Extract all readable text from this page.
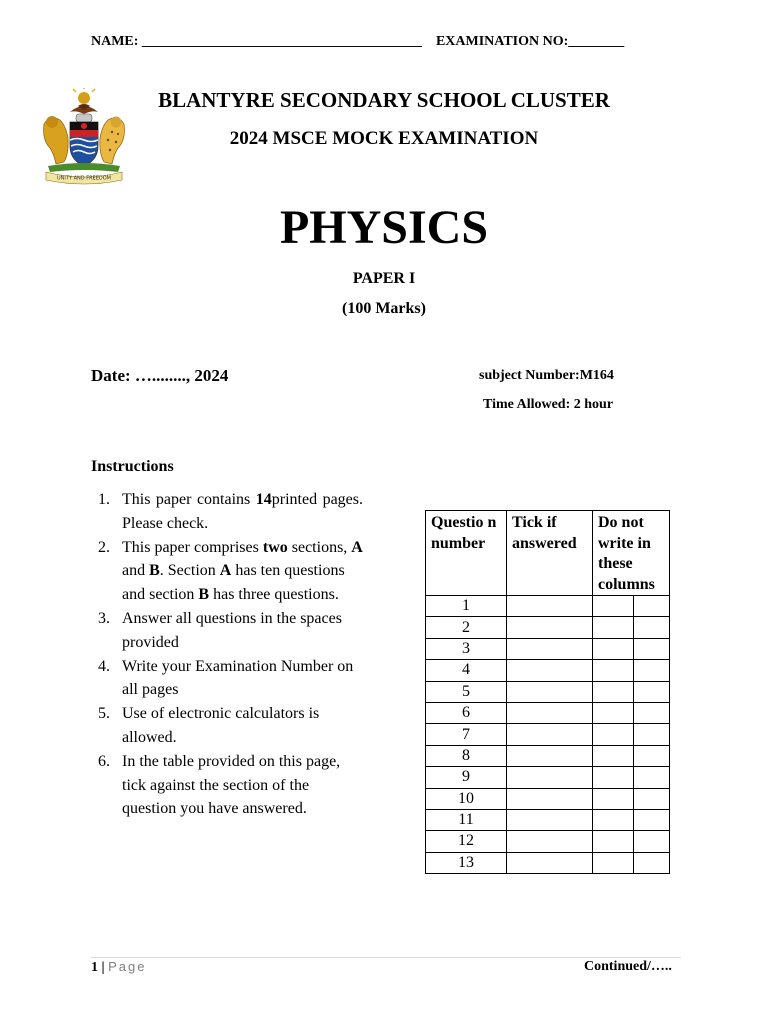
NAME: ________________________________________ EXAMINATION NO:________
UNITY AND FREEDOM
BLANTYRE SECONDARY SCHOOL CLUSTER
2024 MSCE MOCK EXAMINATION
PHYSICS
PAPER I
(100 Marks)
Date: …........, 2024	subject Number:M164
Time Allowed: 2 hour
Instructions
1. This paper contains 14printed pages. Please check.
2. This paper comprises two sections, A and B. Section A has ten questions and section B has three questions.
3. Answer all questions in the spaces provided
4. Write your Examination Number on all pages
5. Use of electronic calculators is allowed.
6. In the table provided on this page, tick against the section of the question you have answered.
Questio n number	Tick if answered	Do not write in these columns	
1			
2			
3			
4			
5			
6			
7			
8			
9			
10			
11			
12			
13			
1 | Page	Continued/…..
